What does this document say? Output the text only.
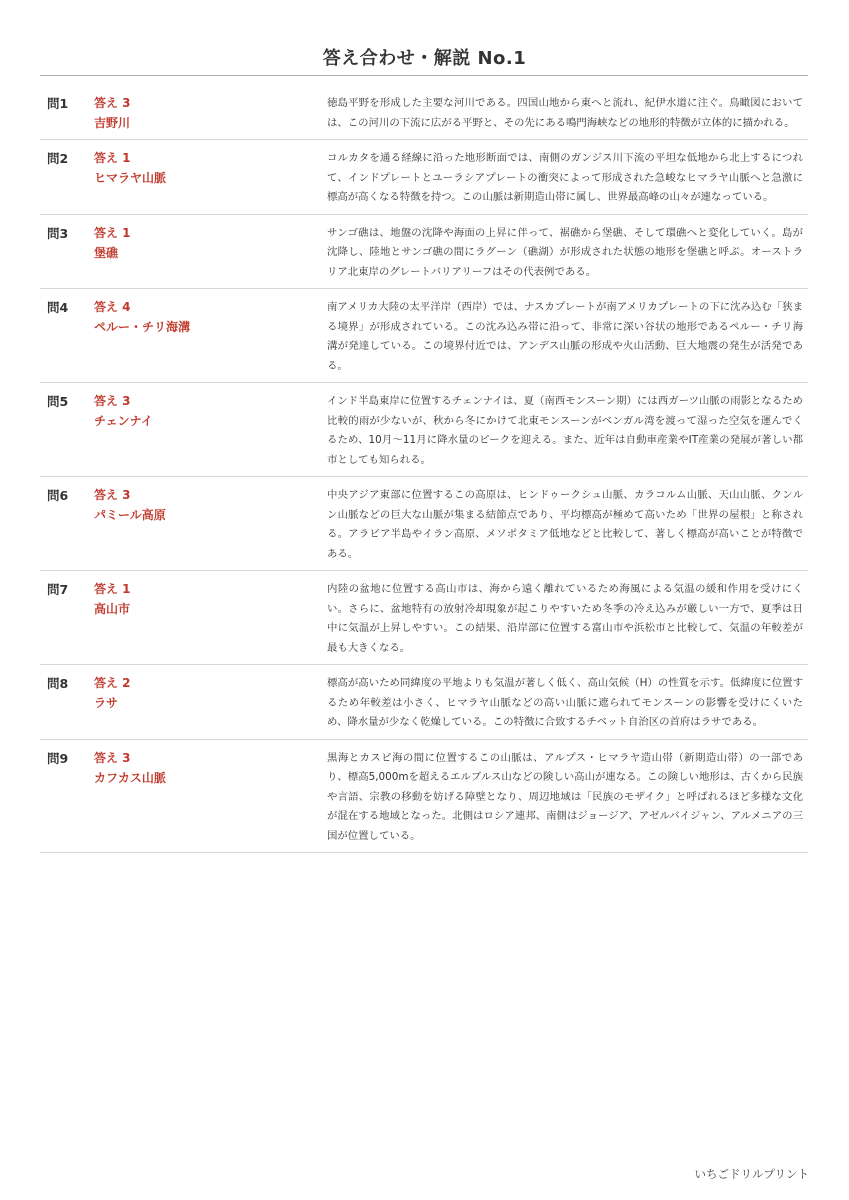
答え合わせ・解説 No.1
問1	答え 3
吉野川
徳島平野を形成した主要な河川である。四国山地から東へと流れ、紀伊水道に注ぐ。鳥瞰図においては、この河川の下流に広がる平野と、その先にある鳴門海峡などの地形的特徴が立体的に描かれる。
問2	答え 1
ヒマラヤ山脈
コルカタを通る経線に沿った地形断面では、南側のガンジス川下流の平坦な低地から北上するにつれて、インドプレートとユーラシアプレートの衝突によって形成された急峻なヒマラヤ山脈へと急激に標高が高くなる特徴を持つ。この山脈は新期造山帯に属し、世界最高峰の山々が連なっている。
問3	答え 1
堡礁
サンゴ礁は、地盤の沈降や海面の上昇に伴って、裾礁から堡礁、そして環礁へと変化していく。島が沈降し、陸地とサンゴ礁の間にラグーン（礁湖）が形成された状態の地形を堡礁と呼ぶ。オーストラリア北東岸のグレートバリアリーフはその代表例である。
問4	答え 4
ペルー・チリ海溝
南アメリカ大陸の太平洋岸（西岸）では、ナスカプレートが南アメリカプレートの下に沈み込む「狭まる境界」が形成されている。この沈み込み帯に沿って、非常に深い谷状の地形であるペルー・チリ海溝が発達している。この境界付近では、アンデス山脈の形成や火山活動、巨大地震の発生が活発である。
問5	答え 3
チェンナイ
インド半島東岸に位置するチェンナイは、夏（南西モンスーン期）には西ガーツ山脈の雨影となるため比較的雨が少ないが、秋から冬にかけて北東モンスーンがベンガル湾を渡って湿った空気を運んでくるため、10月〜11月に降水量のピークを迎える。また、近年は自動車産業やIT産業の発展が著しい都市としても知られる。
問6	答え 3
パミール高原
中央アジア東部に位置するこの高原は、ヒンドゥークシュ山脈、カラコルム山脈、天山山脈、クンルン山脈などの巨大な山脈が集まる結節点であり、平均標高が極めて高いため「世界の屋根」と称される。アラビア半島やイラン高原、メソポタミア低地などと比較して、著しく標高が高いことが特徴である。
問7	答え 1
高山市
内陸の盆地に位置する高山市は、海から遠く離れているため海風による気温の緩和作用を受けにくい。さらに、盆地特有の放射冷却現象が起こりやすいため冬季の冷え込みが厳しい一方で、夏季は日中に気温が上昇しやすい。この結果、沿岸部に位置する富山市や浜松市と比較して、気温の年較差が最も大きくなる。
問8	答え 2
ラサ
標高が高いため同緯度の平地よりも気温が著しく低く、高山気候（H）の性質を示す。低緯度に位置するため年較差は小さく、ヒマラヤ山脈などの高い山脈に遮られてモンスーンの影響を受けにくいため、降水量が少なく乾燥している。この特徴に合致するチベット自治区の首府はラサである。
問9	答え 3
カフカス山脈
黒海とカスピ海の間に位置するこの山脈は、アルプス・ヒマラヤ造山帯（新期造山帯）の一部であり、標高5,000mを超えるエルブルス山などの険しい高山が連なる。この険しい地形は、古くから民族や言語、宗教の移動を妨げる障壁となり、周辺地域は「民族のモザイク」と呼ばれるほど多様な文化が混在する地域となった。北側はロシア連邦、南側はジョージア、アゼルバイジャン、アルメニアの三国が位置している。
いちごドリルプリント
